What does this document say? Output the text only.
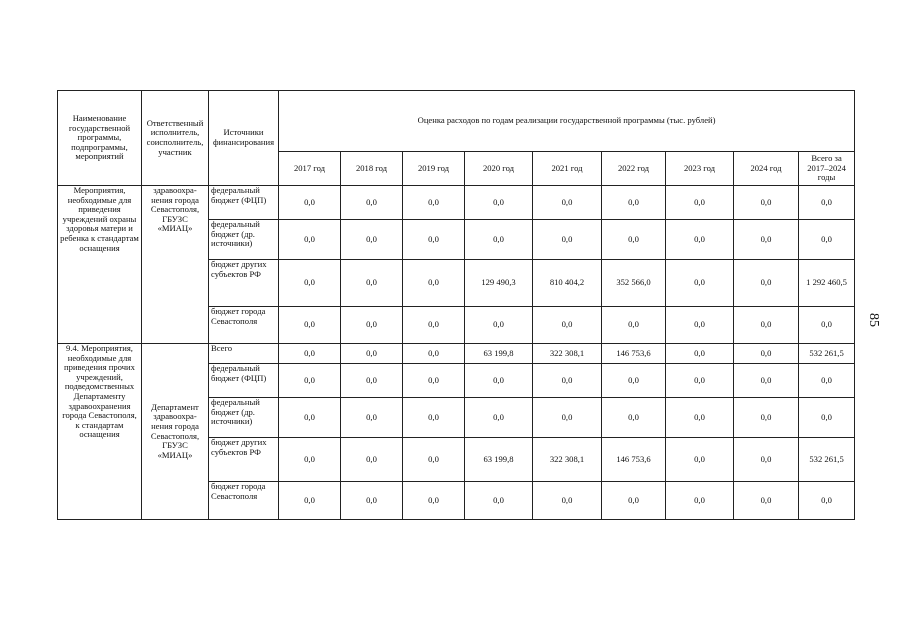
Наименование государственной программы, подпрограммы, мероприятий	Ответственный исполнитель, соисполнитель, участник	Источники финансирования	Оценка расходов по годам реализации государственной программы (тыс. рублей)								
			2017 год	2018 год	2019 год	2020 год	2021 год	2022 год	2023 год	2024 год	Всего за 2017–2024 годы
Мероприятия, необходимые для приведения учреждений охраны здоровья матери и ребенка к стандартам оснащения	здравоохранения города Севастополя, ГБУЗС «МИАЦ»	федеральный бюджет (ФЦП)	0,0	0,0	0,0	0,0	0,0	0,0	0,0	0,0	0,0
		федеральный бюджет (др. источники)	0,0	0,0	0,0	0,0	0,0	0,0	0,0	0,0	0,0
		бюджет других субъектов РФ	0,0	0,0	0,0	129 490,3	810 404,2	352 566,0	0,0	0,0	1 292 460,5
		бюджет города Севастополя	0,0	0,0	0,0	0,0	0,0	0,0	0,0	0,0	0,0
9.4. Мероприятия, необходимые для приведения прочих учреждений, подведомственных Департаменту здравоохранения города Севастополя, к стандартам оснащения	Департамент здравоохранения города Севастополя, ГБУЗС «МИАЦ»	Всего	0,0	0,0	0,0	63 199,8	322 308,1	146 753,6	0,0	0,0	532 261,5
		федеральный бюджет (ФЦП)	0,0	0,0	0,0	0,0	0,0	0,0	0,0	0,0	0,0
		федеральный бюджет (др. источники)	0,0	0,0	0,0	0,0	0,0	0,0	0,0	0,0	0,0
		бюджет других субъектов РФ	0,0	0,0	0,0	63 199,8	322 308,1	146 753,6	0,0	0,0	532 261,5
		бюджет города Севастополя	0,0	0,0	0,0	0,0	0,0	0,0	0,0	0,0	0,0
85
